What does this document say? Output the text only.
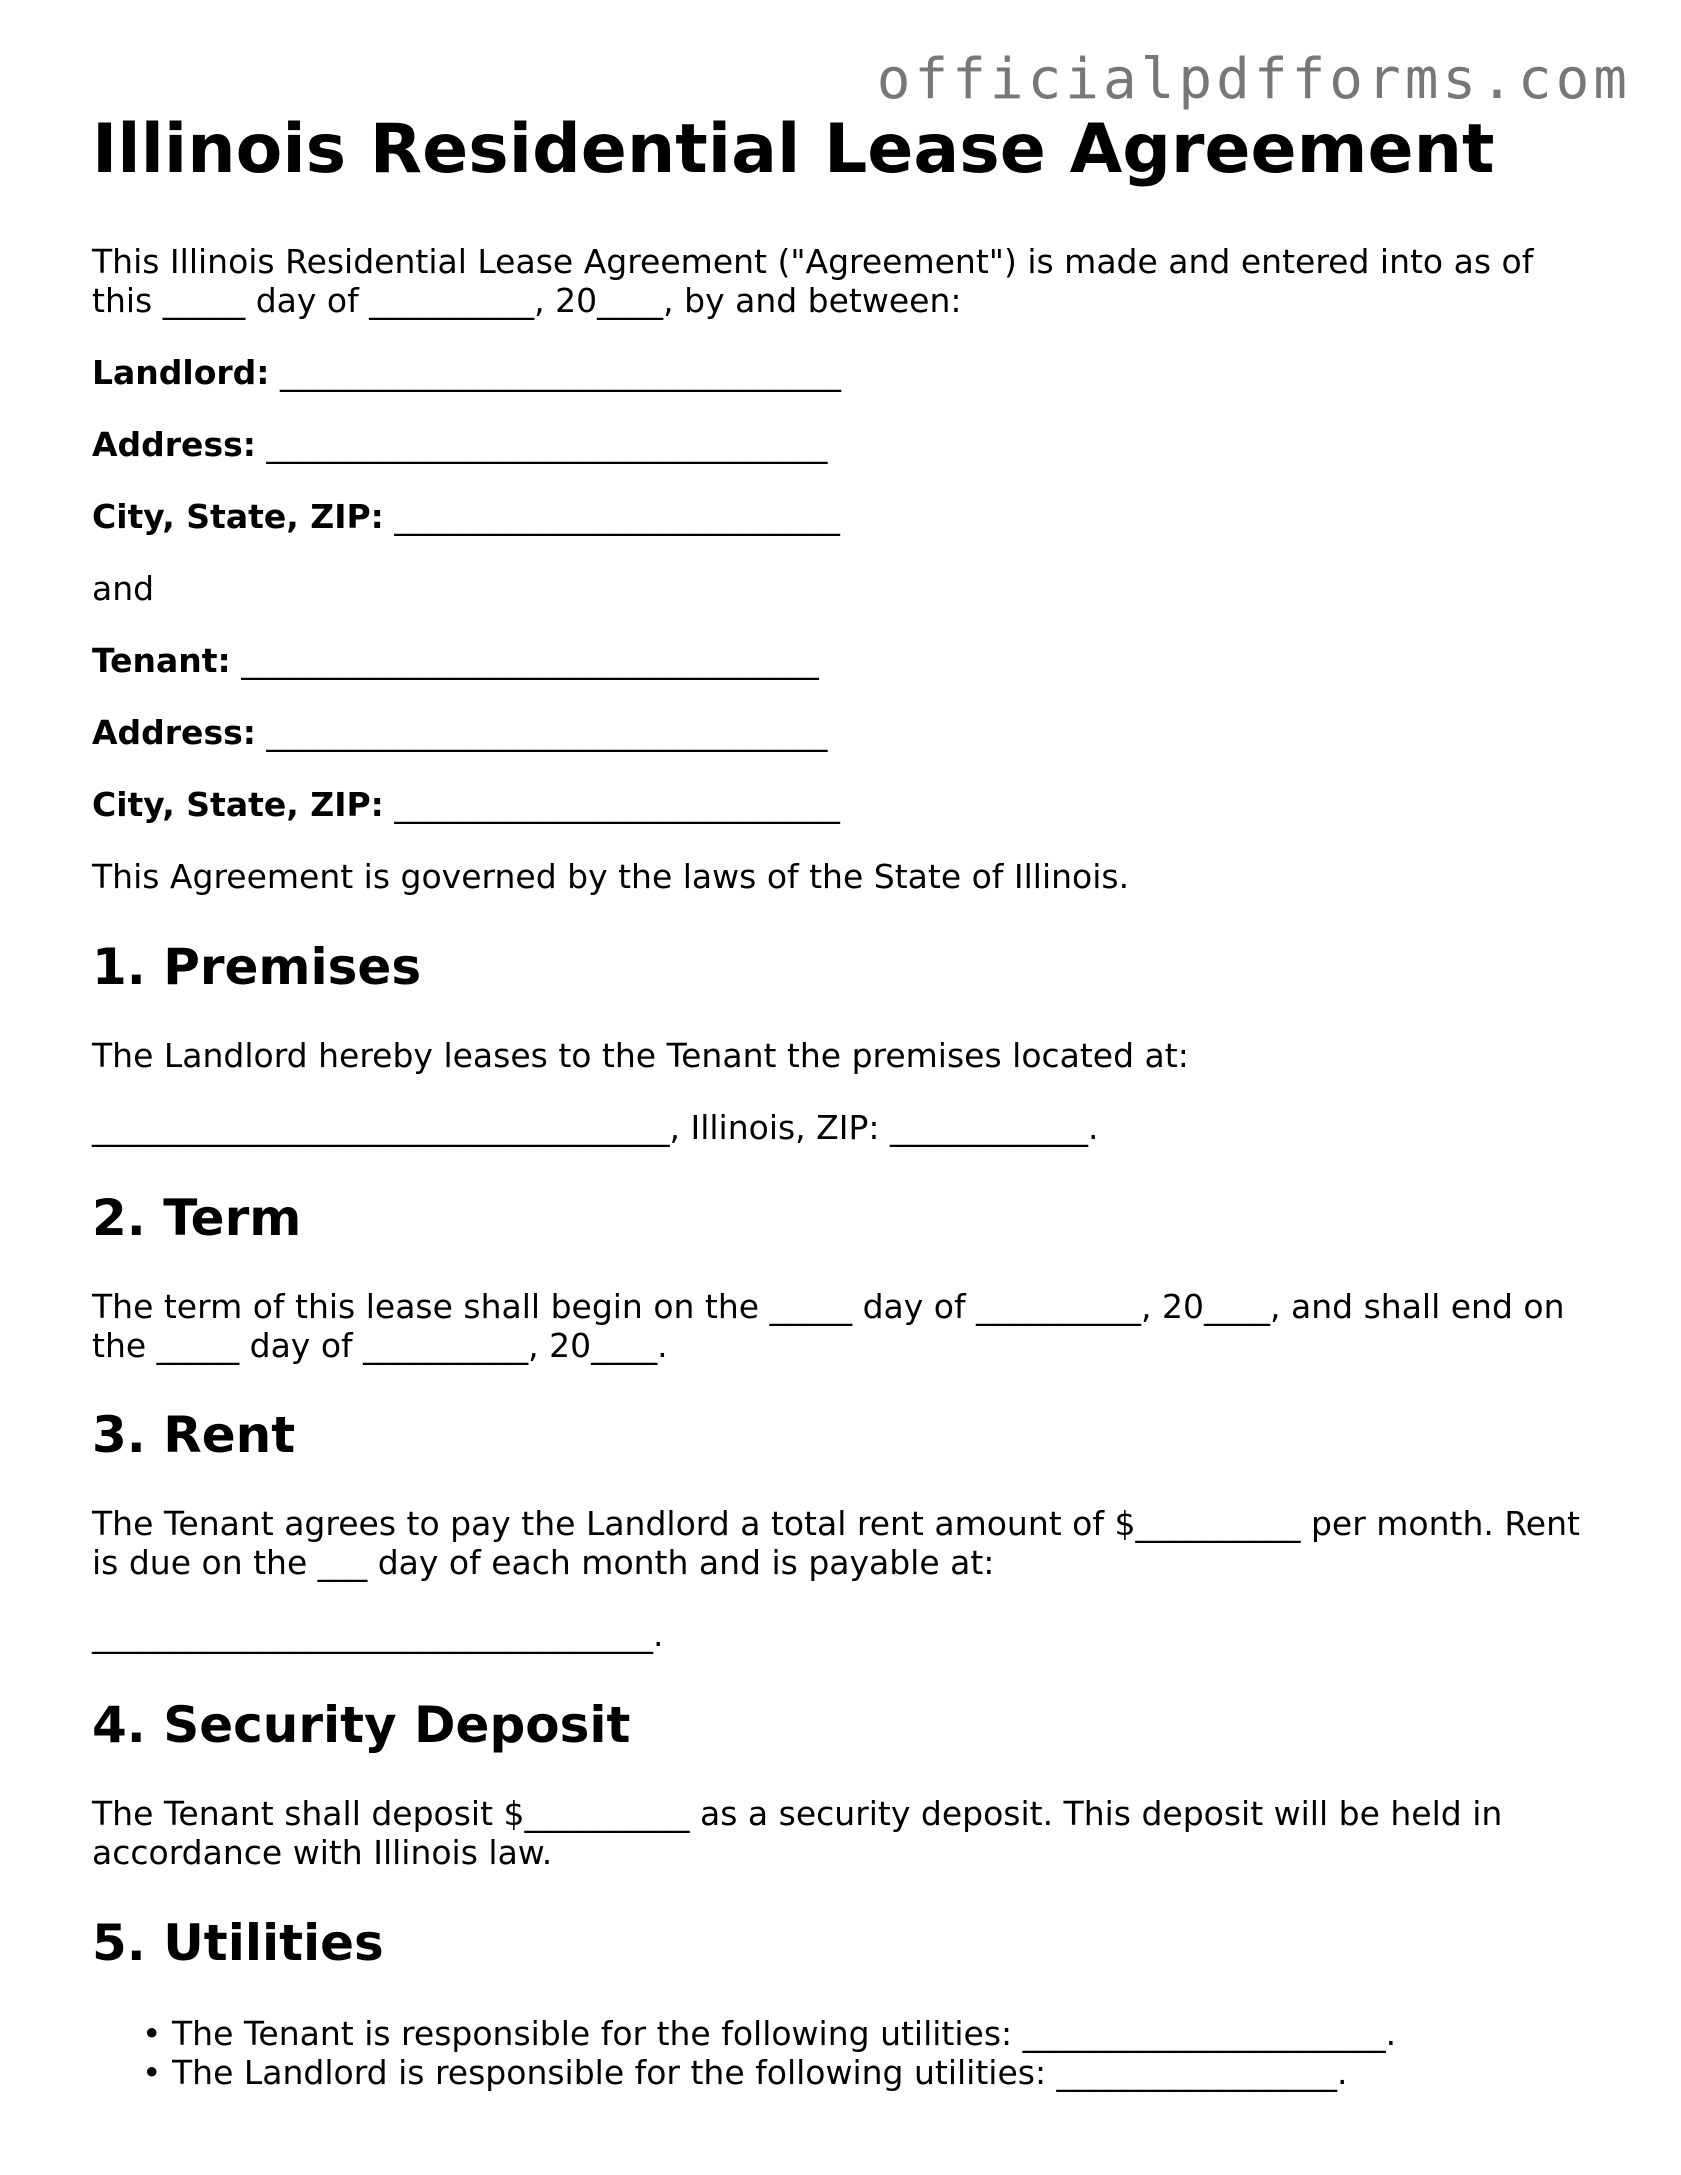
officialpdfforms.com
Illinois Residential Lease Agreement
This Illinois Residential Lease Agreement ("Agreement") is made and entered into as of
this _____ day of __________, 20____, by and between:
Landlord: __________________________________
Address: __________________________________
City, State, ZIP: ___________________________
and
Tenant: ___________________________________
Address: __________________________________
City, State, ZIP: ___________________________
This Agreement is governed by the laws of the State of Illinois.
1. Premises
The Landlord hereby leases to the Tenant the premises located at:
___________________________________, Illinois, ZIP: ____________.
2. Term
The term of this lease shall begin on the _____ day of __________, 20____, and shall end on
the _____ day of __________, 20____.
3. Rent
The Tenant agrees to pay the Landlord a total rent amount of $__________ per month. Rent
is due on the ___ day of each month and is payable at:
__________________________________.
4. Security Deposit
The Tenant shall deposit $__________ as a security deposit. This deposit will be held in
accordance with Illinois law.
5. Utilities
• The Tenant is responsible for the following utilities: ______________________.
• The Landlord is responsible for the following utilities: _________________.
